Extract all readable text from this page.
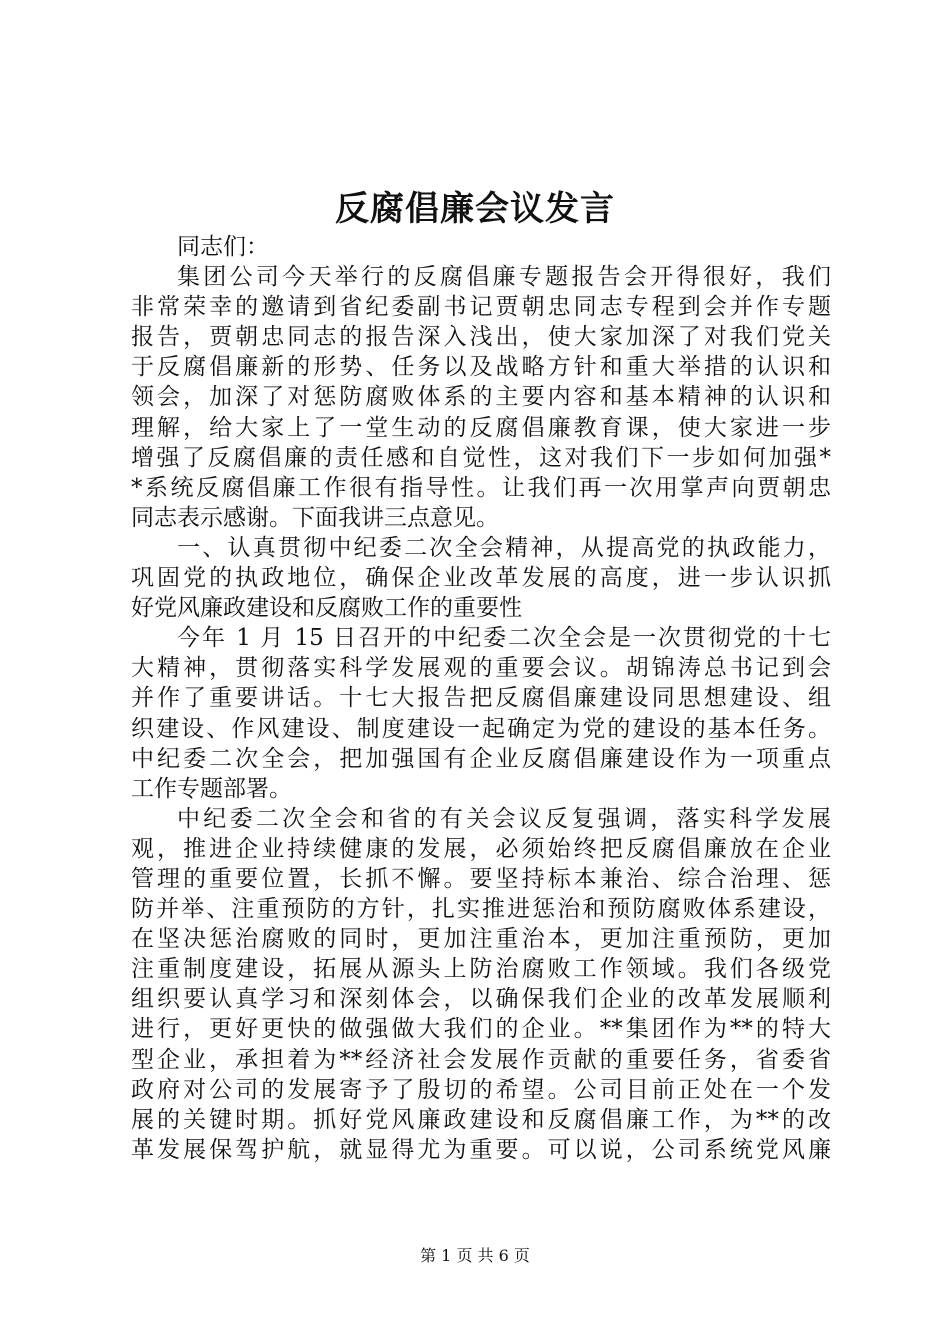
反腐倡廉会议发言
同志们：
集团公司今天举行的反腐倡廉专题报告会开得很好，我们
非常荣幸的邀请到省纪委副书记贾朝忠同志专程到会并作专题
报告，贾朝忠同志的报告深入浅出，使大家加深了对我们党关
于反腐倡廉新的形势、任务以及战略方针和重大举措的认识和
领会，加深了对惩防腐败体系的主要内容和基本精神的认识和
理解，给大家上了一堂生动的反腐倡廉教育课，使大家进一步
增强了反腐倡廉的责任感和自觉性，这对我们下一步如何加强*
*系统反腐倡廉工作很有指导性。让我们再一次用掌声向贾朝忠
同志表示感谢。下面我讲三点意见。
一、认真贯彻中纪委二次全会精神，从提高党的执政能力，
巩固党的执政地位，确保企业改革发展的高度，进一步认识抓
好党风廉政建设和反腐败工作的重要性
今年 1 月 15 日召开的中纪委二次全会是一次贯彻党的十七
大精神，贯彻落实科学发展观的重要会议。胡锦涛总书记到会
并作了重要讲话。十七大报告把反腐倡廉建设同思想建设、组
织建设、作风建设、制度建设一起确定为党的建设的基本任务。
中纪委二次全会，把加强国有企业反腐倡廉建设作为一项重点
工作专题部署。
中纪委二次全会和省的有关会议反复强调，落实科学发展
观，推进企业持续健康的发展，必须始终把反腐倡廉放在企业
管理的重要位置，长抓不懈。要坚持标本兼治、综合治理、惩
防并举、注重预防的方针，扎实推进惩治和预防腐败体系建设，
在坚决惩治腐败的同时，更加注重治本，更加注重预防，更加
注重制度建设，拓展从源头上防治腐败工作领域。我们各级党
组织要认真学习和深刻体会，以确保我们企业的改革发展顺利
进行，更好更快的做强做大我们的企业。**集团作为**的特大
型企业，承担着为**经济社会发展作贡献的重要任务，省委省
政府对公司的发展寄予了殷切的希望。公司目前正处在一个发
展的关键时期。抓好党风廉政建设和反腐倡廉工作，为**的改
革发展保驾护航，就显得尤为重要。可以说，公司系统党风廉
第 1 页 共 6 页
